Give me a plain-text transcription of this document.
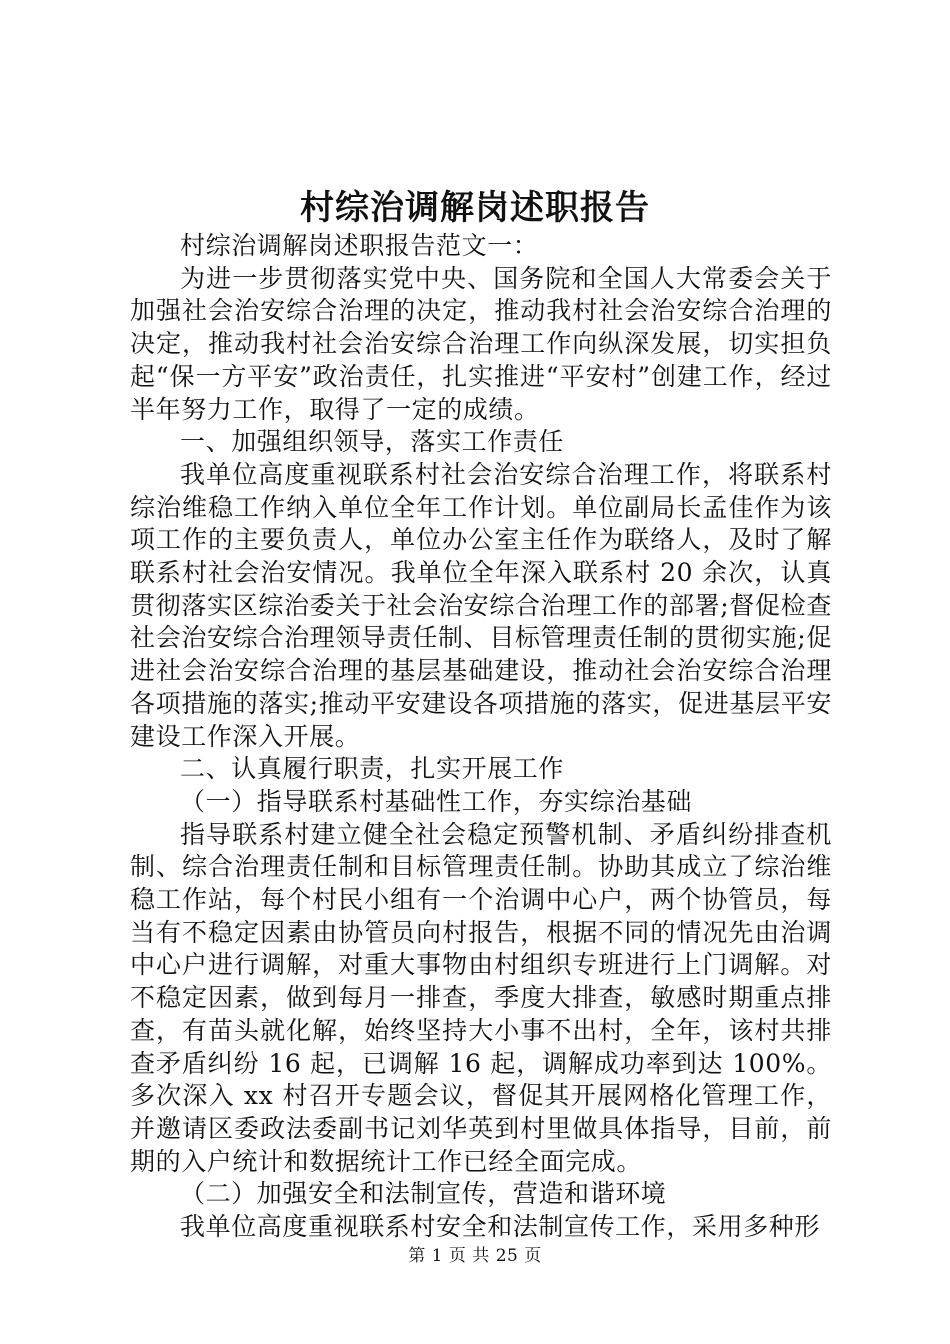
村综治调解岗述职报告

村综治调解岗述职报告范文一：

为进一步贯彻落实党中央、国务院和全国人大常委会关于加强社会治安综合治理的决定，推动我村社会治安综合治理的决定，推动我村社会治安综合治理工作向纵深发展，切实担负起“保一方平安”政治责任，扎实推进“平安村”创建工作，经过半年努力工作，取得了一定的成绩。

一、加强组织领导，落实工作责任

我单位高度重视联系村社会治安综合治理工作，将联系村综治维稳工作纳入单位全年工作计划。单位副局长孟佳作为该项工作的主要负责人，单位办公室主任作为联络人，及时了解联系村社会治安情况。我单位全年深入联系村 20 余次，认真贯彻落实区综治委关于社会治安综合治理工作的部署;督促检查社会治安综合治理领导责任制、目标管理责任制的贯彻实施;促进社会治安综合治理的基层基础建设，推动社会治安综合治理各项措施的落实;推动平安建设各项措施的落实，促进基层平安建设工作深入开展。

二、认真履行职责，扎实开展工作

（一）指导联系村基础性工作，夯实综治基础

指导联系村建立健全社会稳定预警机制、矛盾纠纷排查机制、综合治理责任制和目标管理责任制。协助其成立了综治维稳工作站，每个村民小组有一个治调中心户，两个协管员，每当有不稳定因素由协管员向村报告，根据不同的情况先由治调中心户进行调解，对重大事物由村组织专班进行上门调解。对不稳定因素，做到每月一排查，季度大排查，敏感时期重点排查，有苗头就化解，始终坚持大小事不出村，全年，该村共排查矛盾纠纷 16 起，已调解 16 起，调解成功率到达 100%。多次深入 xx 村召开专题会议，督促其开展网格化管理工作，并邀请区委政法委副书记刘华英到村里做具体指导，目前，前期的入户统计和数据统计工作已经全面完成。

（二）加强安全和法制宣传，营造和谐环境

我单位高度重视联系村安全和法制宣传工作，采用多种形

第 1 页 共 25 页
